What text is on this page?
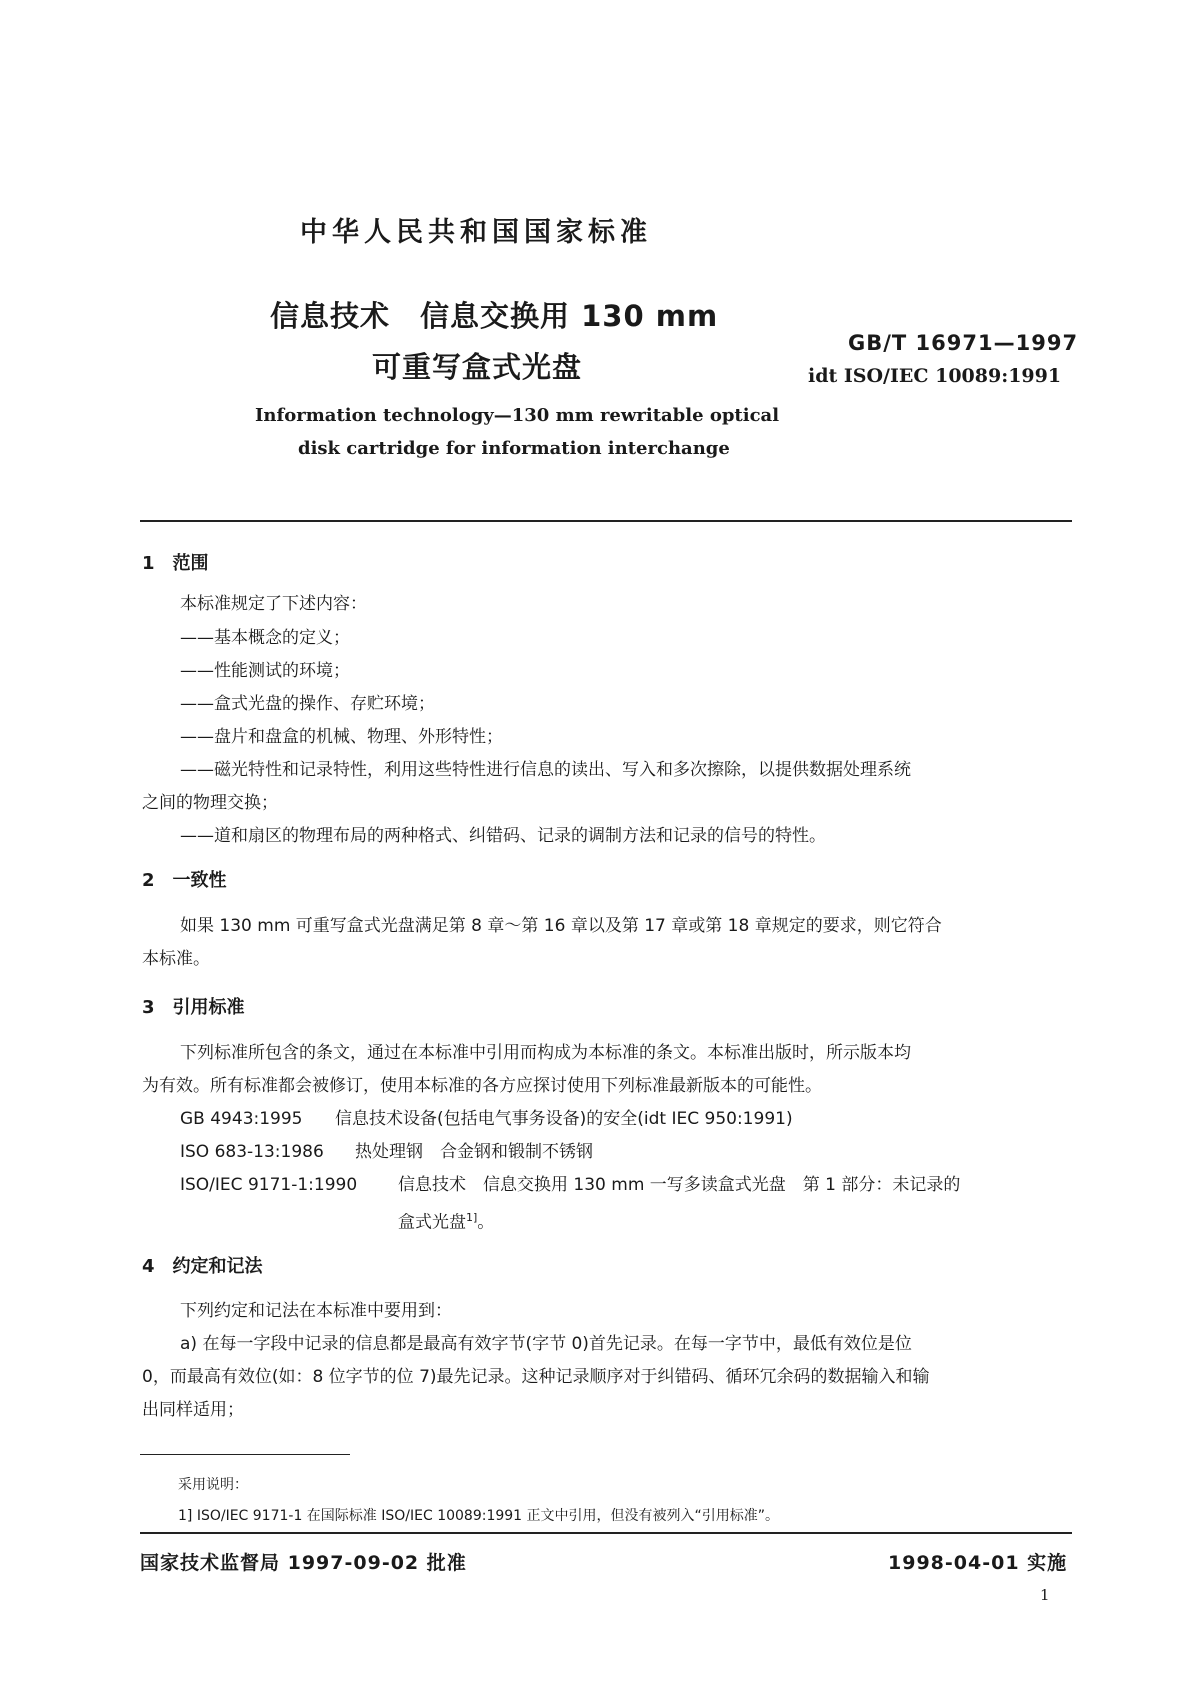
中华人民共和国国家标准
信息技术　信息交换用 130 mm
可重写盒式光盘
GB/T 16971—1997
idt ISO/IEC 10089:1991
Information technology—130 mm rewritable optical
disk cartridge for information interchange
1　范围
本标准规定了下述内容：
——基本概念的定义；
——性能测试的环境；
——盒式光盘的操作、存贮环境；
——盘片和盘盒的机械、物理、外形特性；
——磁光特性和记录特性，利用这些特性进行信息的读出、写入和多次擦除，以提供数据处理系统
之间的物理交换；
——道和扇区的物理布局的两种格式、纠错码、记录的调制方法和记录的信号的特性。
2　一致性
如果 130 mm 可重写盒式光盘满足第 8 章～第 16 章以及第 17 章或第 18 章规定的要求，则它符合
本标准。
3　引用标准
下列标准所包含的条文，通过在本标准中引用而构成为本标准的条文。本标准出版时，所示版本均
为有效。所有标准都会被修订，使用本标准的各方应探讨使用下列标准最新版本的可能性。
GB 4943:1995 信息技术设备(包括电气事务设备)的安全(idt IEC 950:1991)
ISO 683-13:1986 热处理钢　合金钢和锻制不锈钢
ISO/IEC 9171-1:1990 信息技术　信息交换用 130 mm 一写多读盒式光盘　第 1 部分：未记录的
盒式光盘$^{1]}$。
4　约定和记法
下列约定和记法在本标准中要用到：
a) 在每一字段中记录的信息都是最高有效字节(字节 0)首先记录。在每一字节中，最低有效位是位
0，而最高有效位(如：8 位字节的位 7)最先记录。这种记录顺序对于纠错码、循环冗余码的数据输入和输
出同样适用；
采用说明：
1] ISO/IEC 9171-1 在国际标准 ISO/IEC 10089:1991 正文中引用，但没有被列入“引用标准”。
国家技术监督局 1997-09-02 批准	1998-04-01 实施
1
